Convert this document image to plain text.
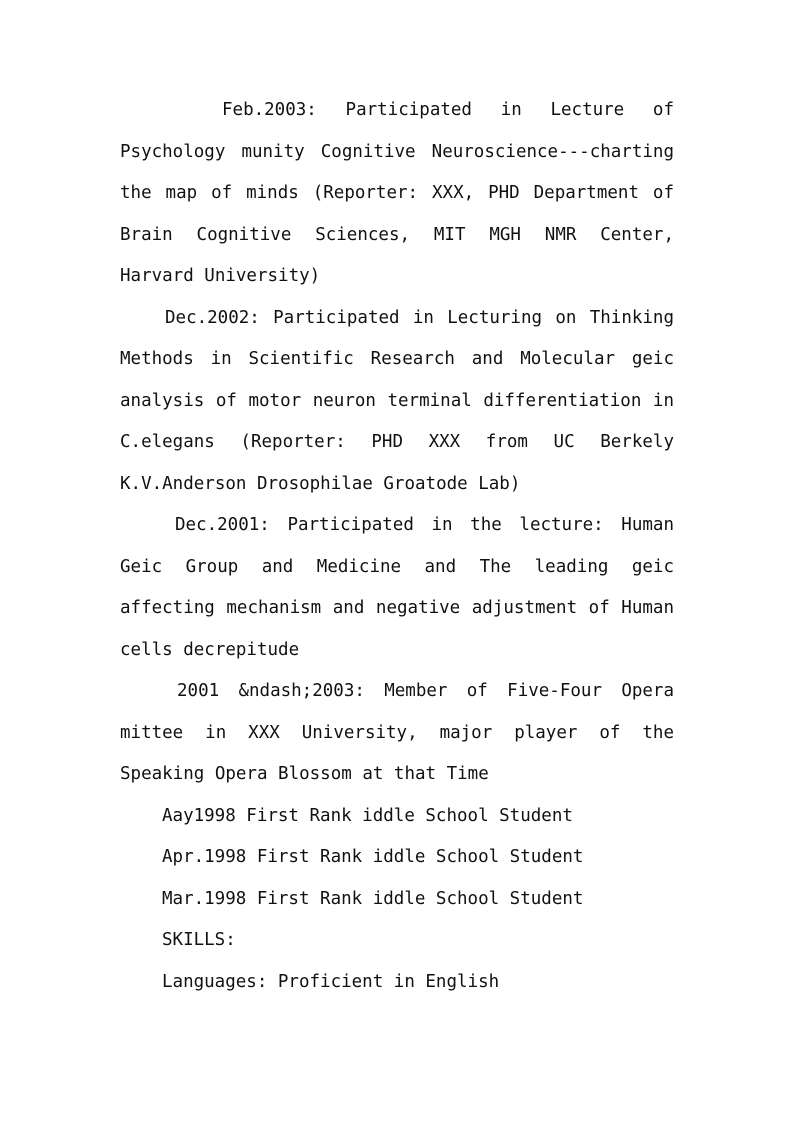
Feb.2003: Participated in Lecture of Psychology munity Cognitive Neuroscience---charting the map of minds (Reporter: XXX, PHD Department of Brain Cognitive Sciences, MIT MGH NMR Center, Harvard University)

Dec.2002: Participated in Lecturing on Thinking Methods in Scientific Research and Molecular geic analysis of motor neuron terminal differentiation in C.elegans (Reporter: PHD XXX from UC Berkely K.V.Anderson Drosophilae Groatode Lab)

Dec.2001: Participated in the lecture: Human Geic Group and Medicine and The leading geic affecting mechanism and negative adjustment of Human cells decrepitude

2001 &ndash;2003: Member of Five-Four Opera mittee in XXX University, major player of the Speaking Opera Blossom at that Time

Aay1998 First Rank iddle School Student

Apr.1998 First Rank iddle School Student

Mar.1998 First Rank iddle School Student

SKILLS:

Languages: Proficient in English
